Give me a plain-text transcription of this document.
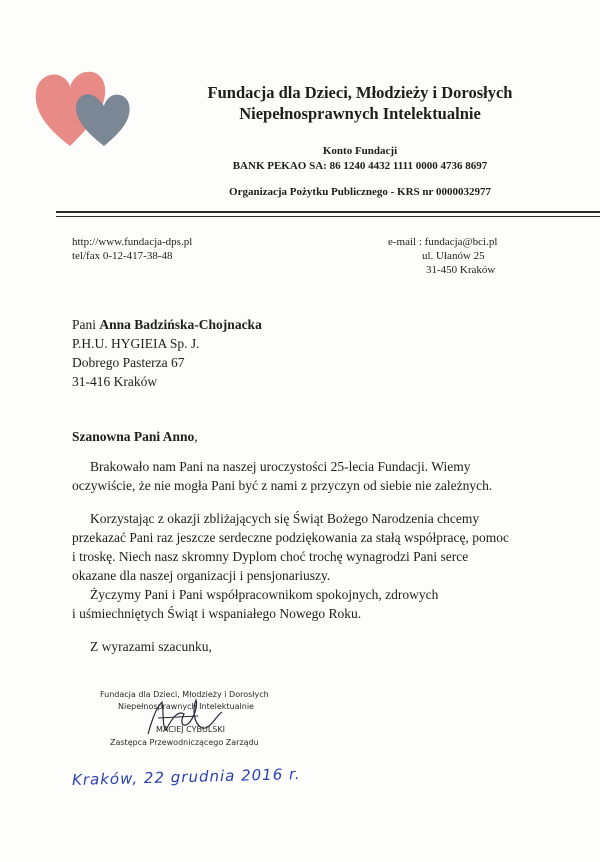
Fundacja dla Dzieci, Młodzieży i Dorosłych
Niepełnosprawnych Intelektualnie
Konto Fundacji
BANK PEKAO SA: 86 1240 4432 1111 0000 4736 8697
Organizacja Pożytku Publicznego - KRS nr 0000032977
http://www.fundacja-dps.pl
tel/fax 0-12-417-38-48
e-mail : fundacja@bci.pl
ul. Ułanów 25
31-450 Kraków
Pani Anna Badzińska-Chojnacka
P.H.U. HYGIEIA Sp. J.
Dobrego Pasterza 67
31-416 Kraków
Szanowna Pani Anno,
Brakowało nam Pani na naszej uroczystości 25-lecia Fundacji. Wiemy
oczywiście, że nie mogła Pani być z nami z przyczyn od siebie nie zależnych.
Korzystając z okazji zbliżających się Świąt Bożego Narodzenia chcemy
przekazać Pani raz jeszcze serdeczne podziękowania za stałą współpracę, pomoc
i troskę. Niech nasz skromny Dyplom choć trochę wynagrodzi Pani serce
okazane dla naszej organizacji i pensjonariuszy.
Życzymy Pani i Pani współpracownikom spokojnych, zdrowych
i uśmiechniętych Świąt i wspaniałego Nowego Roku.
Z wyrazami szacunku,
Fundacja dla Dzieci, Młodzieży i Dorosłych
Niepełnosprawnych Intelektualnie
MACIEJ CYBULSKI
Zastępca Przewodniczącego Zarządu
Kraków, 22 grudnia 2016 r.
